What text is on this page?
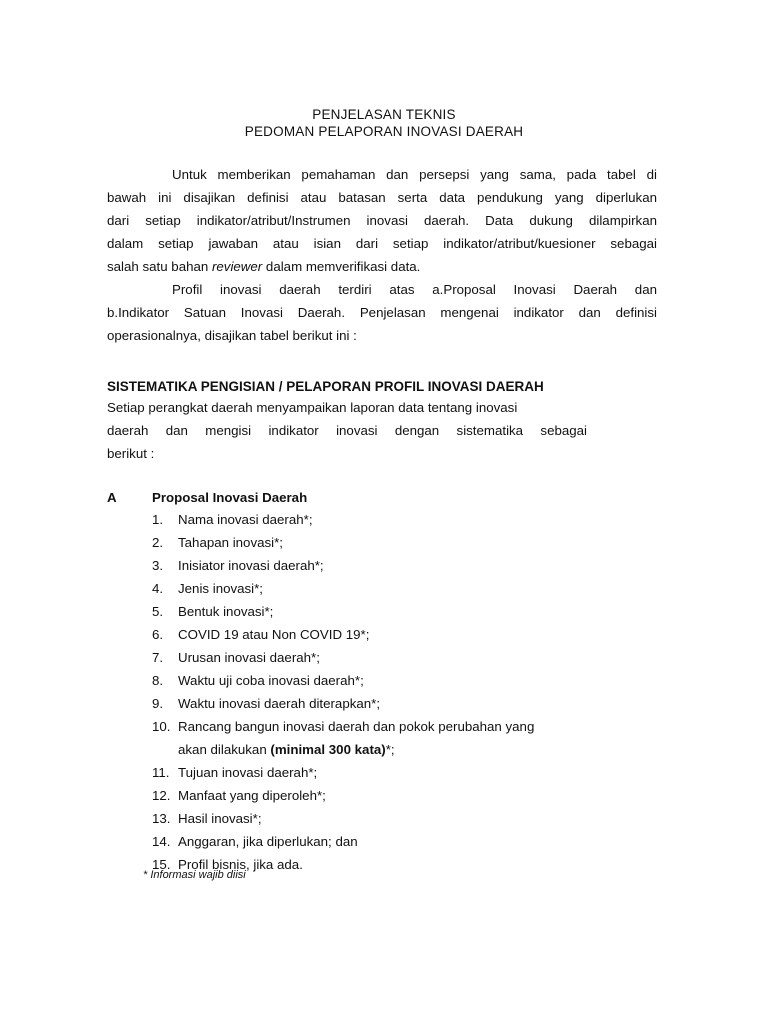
PENJELASAN TEKNIS
PEDOMAN PELAPORAN INOVASI DAERAH
Untuk memberikan pemahaman dan persepsi yang sama, pada tabel di
bawah ini disajikan definisi atau batasan serta data pendukung yang diperlukan
dari setiap indikator/atribut/Instrumen inovasi daerah. Data dukung dilampirkan
dalam setiap jawaban atau isian dari setiap indikator/atribut/kuesioner sebagai
salah satu bahan reviewer dalam memverifikasi data.
Profil inovasi daerah terdiri atas a.Proposal Inovasi Daerah dan
b.Indikator Satuan Inovasi Daerah. Penjelasan mengenai indikator dan definisi
operasionalnya, disajikan tabel berikut ini :
SISTEMATIKA PENGISIAN / PELAPORAN PROFIL INOVASI DAERAH
Setiap perangkat daerah menyampaikan laporan data tentang inovasi
daerah dan mengisi indikator inovasi dengan sistematika sebagai
berikut :
A	Proposal Inovasi Daerah
1. Nama inovasi daerah*;
2. Tahapan inovasi*;
3. Inisiator inovasi daerah*;
4. Jenis inovasi*;
5. Bentuk inovasi*;
6. COVID 19 atau Non COVID 19*;
7. Urusan inovasi daerah*;
8. Waktu uji coba inovasi daerah*;
9. Waktu inovasi daerah diterapkan*;
10. Rancang bangun inovasi daerah dan pokok perubahan yang
akan dilakukan (minimal 300 kata)*;
11. Tujuan inovasi daerah*;
12. Manfaat yang diperoleh*;
13. Hasil inovasi*;
14. Anggaran, jika diperlukan; dan
15. Profil bisnis, jika ada.
* Informasi wajib diisi
